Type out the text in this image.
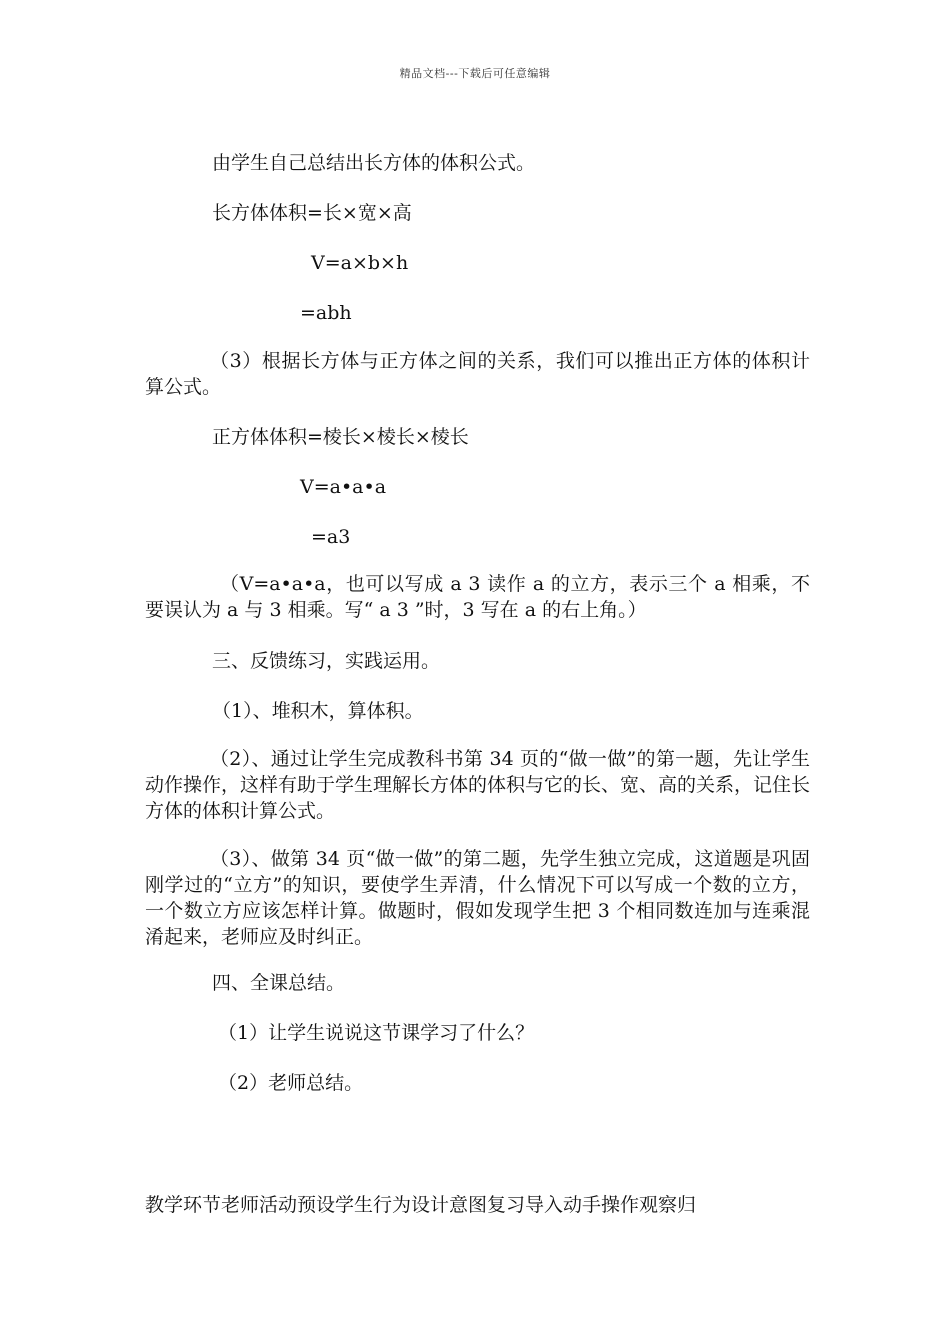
精品文档---下载后可任意编辑
由学生自己总结出长方体的体积公式。
长方体体积=长×宽×高
V=a×b×h
=abh
（3）根据长方体与正方体之间的关系，我们可以推出正方体的体积计算公式。
正方体体积=棱长×棱长×棱长
V=a•a•a
=a3
（V=a•a•a，也可以写成 a 3 读作 a 的立方，表示三个 a 相乘，不要误认为 a 与 3 相乘。写“ a 3 ”时，3 写在 a 的右上角。）
三、反馈练习，实践运用。
（1）、堆积木，算体积。
（2）、通过让学生完成教科书第 34 页的“做一做”的第一题，先让学生动作操作，这样有助于学生理解长方体的体积与它的长、宽、高的关系，记住长方体的体积计算公式。
（3）、做第 34 页“做一做”的第二题，先学生独立完成，这道题是巩固刚学过的“立方”的知识，要使学生弄清，什么情况下可以写成一个数的立方，一个数立方应该怎样计算。做题时，假如发现学生把 3 个相同数连加与连乘混淆起来，老师应及时纠正。
四、全课总结。
（1）让学生说说这节课学习了什么？
（2）老师总结。
教学环节老师活动预设学生行为设计意图复习导入动手操作观察归
